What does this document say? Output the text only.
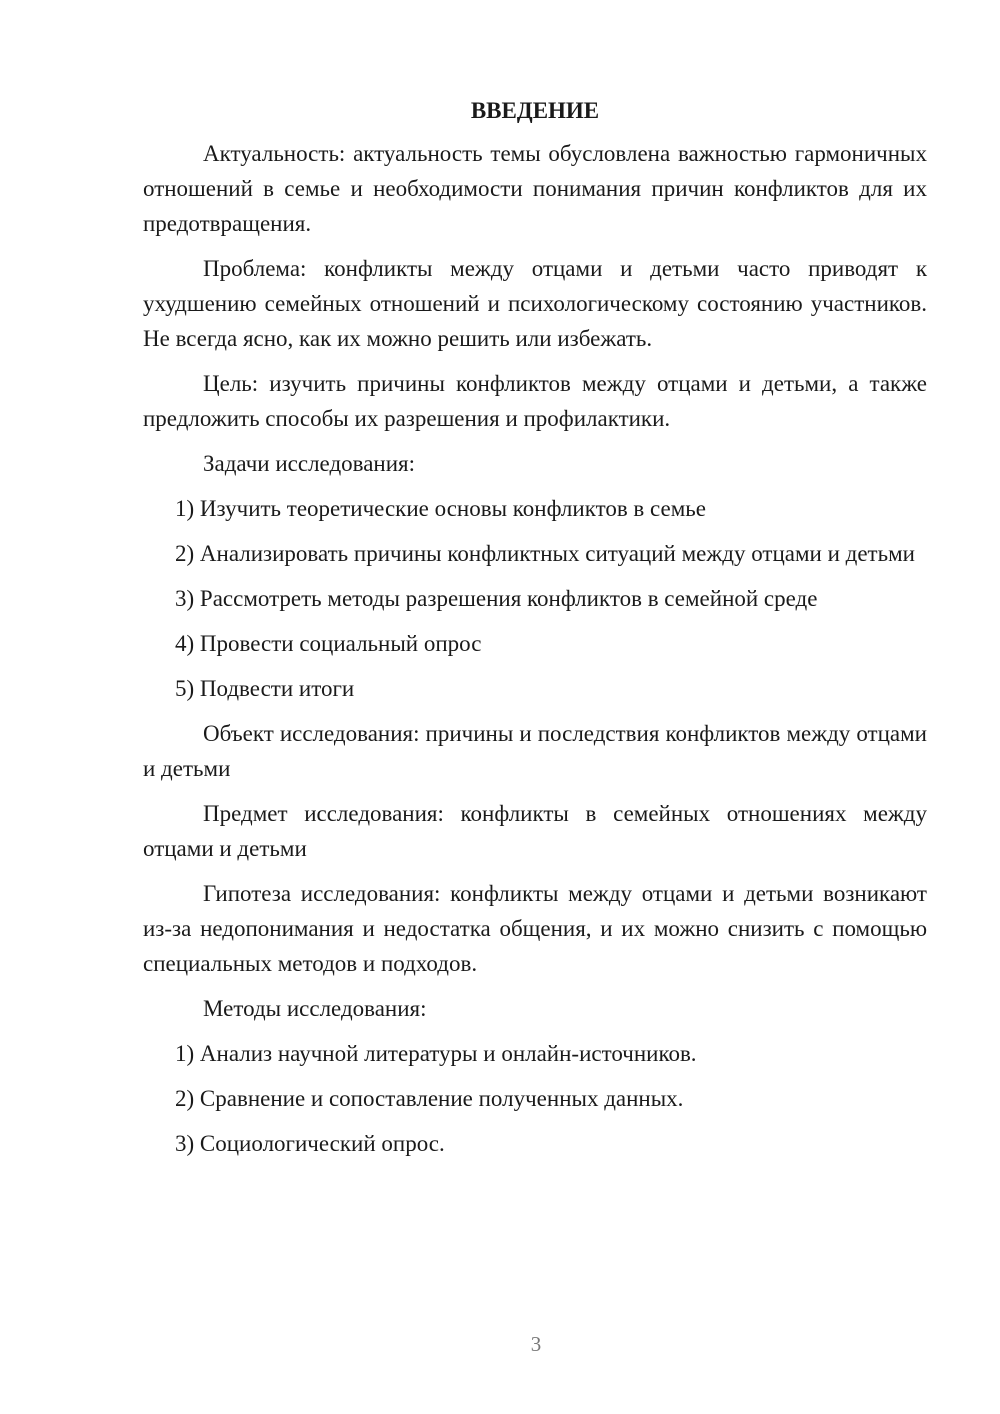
ВВЕДЕНИЕ

Актуальность: актуальность темы обусловлена важностью гармоничных отношений в семье и необходимости понимания причин конфликтов для их предотвращения.

Проблема: конфликты между отцами и детьми часто приводят к ухудшению семейных отношений и психологическому состоянию участников. Не всегда ясно, как их можно решить или избежать.

Цель: изучить причины конфликтов между отцами и детьми, а также предложить способы их разрешения и профилактики.

Задачи исследования:

1) Изучить теоретические основы конфликтов в семье

2) Анализировать причины конфликтных ситуаций между отцами и детьми

3) Рассмотреть методы разрешения конфликтов в семейной среде

4) Провести социальный опрос

5) Подвести итоги

Объект исследования: причины и последствия конфликтов между отцами и детьми

Предмет исследования: конфликты в семейных отношениях между отцами и детьми

Гипотеза исследования: конфликты между отцами и детьми возникают из-за недопонимания и недостатка общения, и их можно снизить с помощью специальных методов и подходов.

Методы исследования:

1) Анализ научной литературы и онлайн-источников.

2) Сравнение и сопоставление полученных данных.

3) Социологический опрос.

3
